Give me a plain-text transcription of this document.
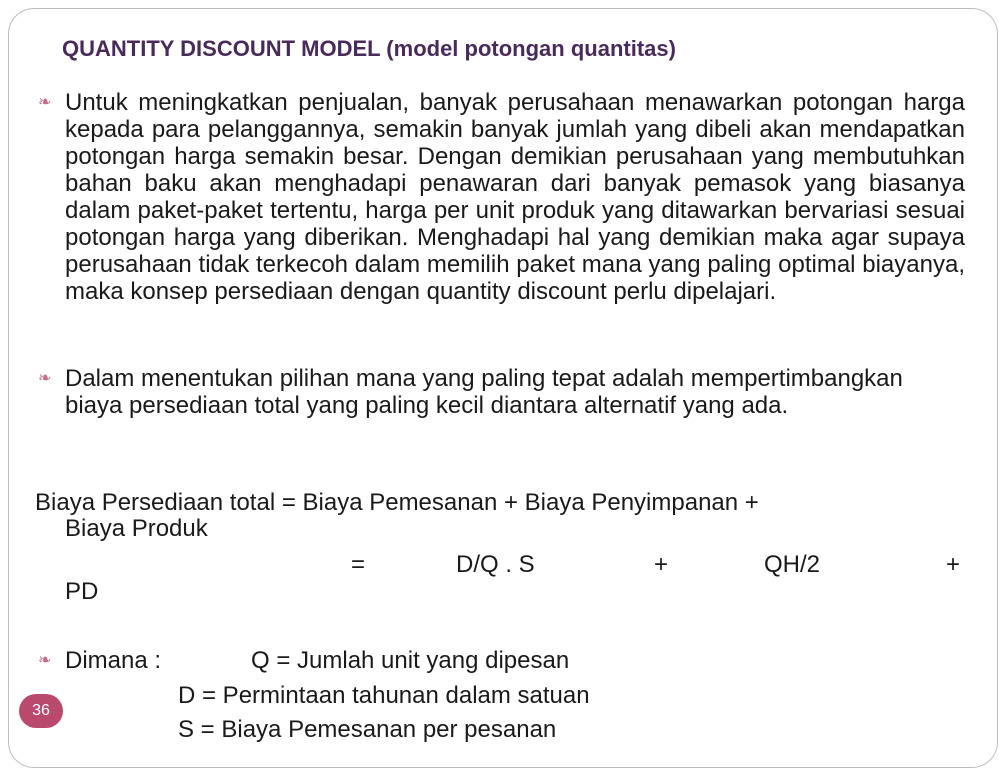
QUANTITY DISCOUNT MODEL (model potongan quantitas)
❧ Untuk meningkatkan penjualan, banyak perusahaan menawarkan potongan harga kepada para pelanggannya, semakin banyak jumlah yang dibeli akan mendapatkan potongan harga semakin besar. Dengan demikian perusahaan yang membutuhkan bahan baku akan menghadapi penawaran dari banyak pemasok yang biasanya dalam paket-paket tertentu, harga per unit produk yang ditawarkan bervariasi sesuai potongan harga yang diberikan. Menghadapi hal yang demikian maka agar supaya perusahaan tidak terkecoh dalam memilih paket mana yang paling optimal biayanya, maka konsep persediaan dengan quantity discount perlu dipelajari.

❧ Dalam menentukan pilihan mana yang paling tepat adalah mempertimbangkan biaya persediaan total yang paling kecil diantara alternatif yang ada.

Biaya Persediaan total = Biaya Pemesanan + Biaya Penyimpanan +
Biaya Produk
=	D/Q . S	+	QH/2	+
PD
❧ Dimana :	Q = Jumlah unit yang dipesan
D = Permintaan tahunan dalam satuan
S = Biaya Pemesanan per pesanan
36
